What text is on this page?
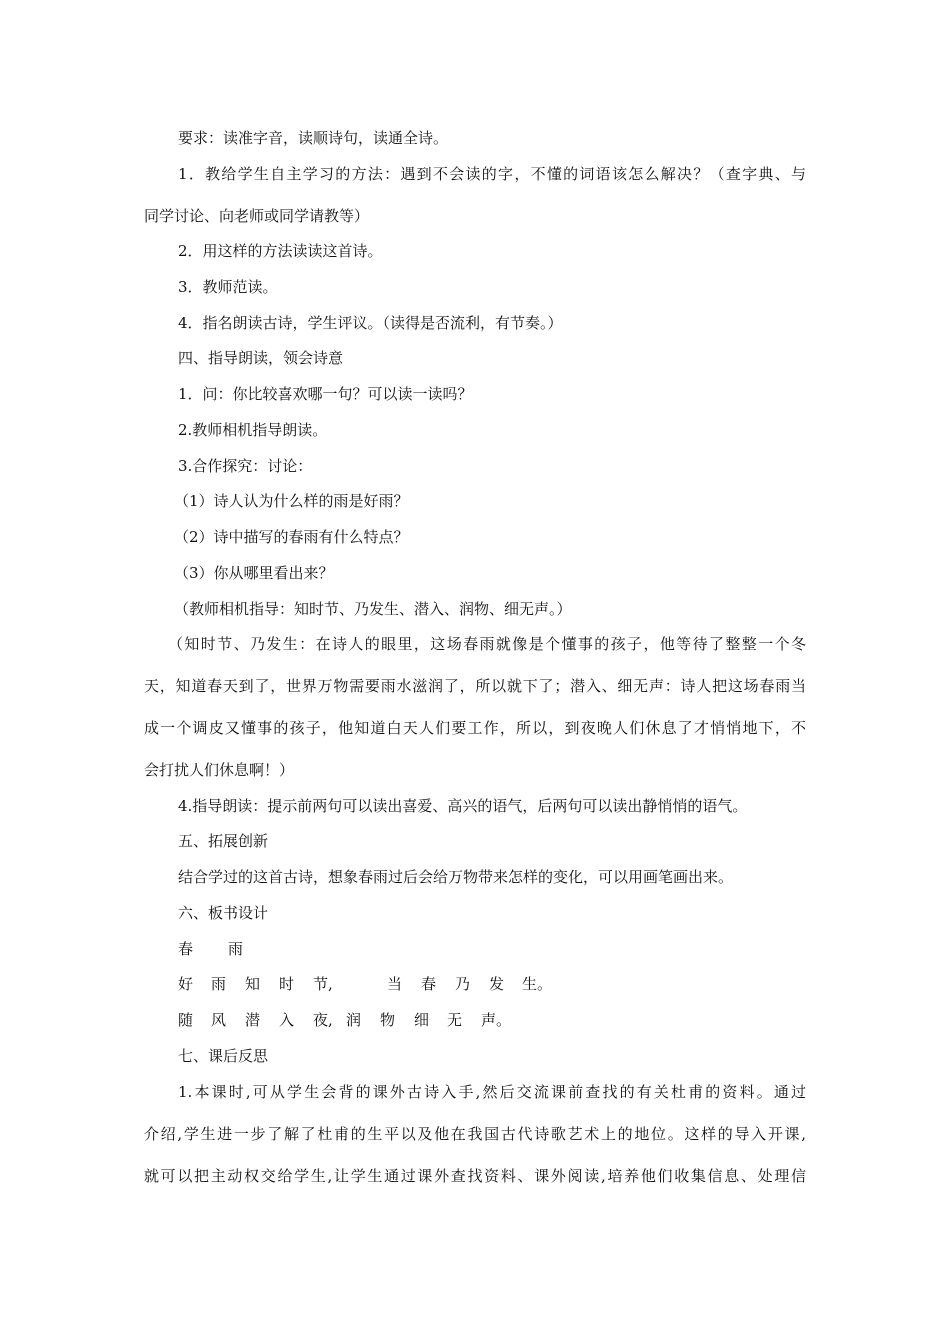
要求：读准字音，读顺诗句，读通全诗。

1．教给学生自主学习的方法：遇到不会读的字，不懂的词语该怎么解决？（查字典、与

同学讨论、向老师或同学请教等）

2．用这样的方法读读这首诗。

3．教师范读。

4．指名朗读古诗，学生评议。（读得是否流利，有节奏。）

四、指导朗读，领会诗意

1．问：你比较喜欢哪一句？可以读一读吗？

2.教师相机指导朗读。

3.合作探究：讨论：

（1）诗人认为什么样的雨是好雨？

（2）诗中描写的春雨有什么特点？

（3）你从哪里看出来？

（教师相机指导：知时节、乃发生、潜入、润物、细无声。）

（知时节、乃发生：在诗人的眼里，这场春雨就像是个懂事的孩子，他等待了整整一个冬

天，知道春天到了，世界万物需要雨水滋润了，所以就下了；潜入、细无声：诗人把这场春雨当

成一个调皮又懂事的孩子，他知道白天人们要工作，所以，到夜晚人们休息了才悄悄地下，不

会打扰人们休息啊！）

4.指导朗读：提示前两句可以读出喜爱、高兴的语气，后两句可以读出静悄悄的语气。

五、拓展创新

结合学过的这首古诗，想象春雨过后会给万物带来怎样的变化，可以用画笔画出来。

六、板书设计

春 雨
好 雨 知 时 节,	当 春 乃 发 生。
随 风 潜 入 夜, 润 物 细 无 声。

七、课后反思

1.本课时,可从学生会背的课外古诗入手,然后交流课前查找的有关杜甫的资料。通过

介绍,学生进一步了解了杜甫的生平以及他在我国古代诗歌艺术上的地位。这样的导入开课,

就可以把主动权交给学生,让学生通过课外查找资料、课外阅读,培养他们收集信息、处理信
